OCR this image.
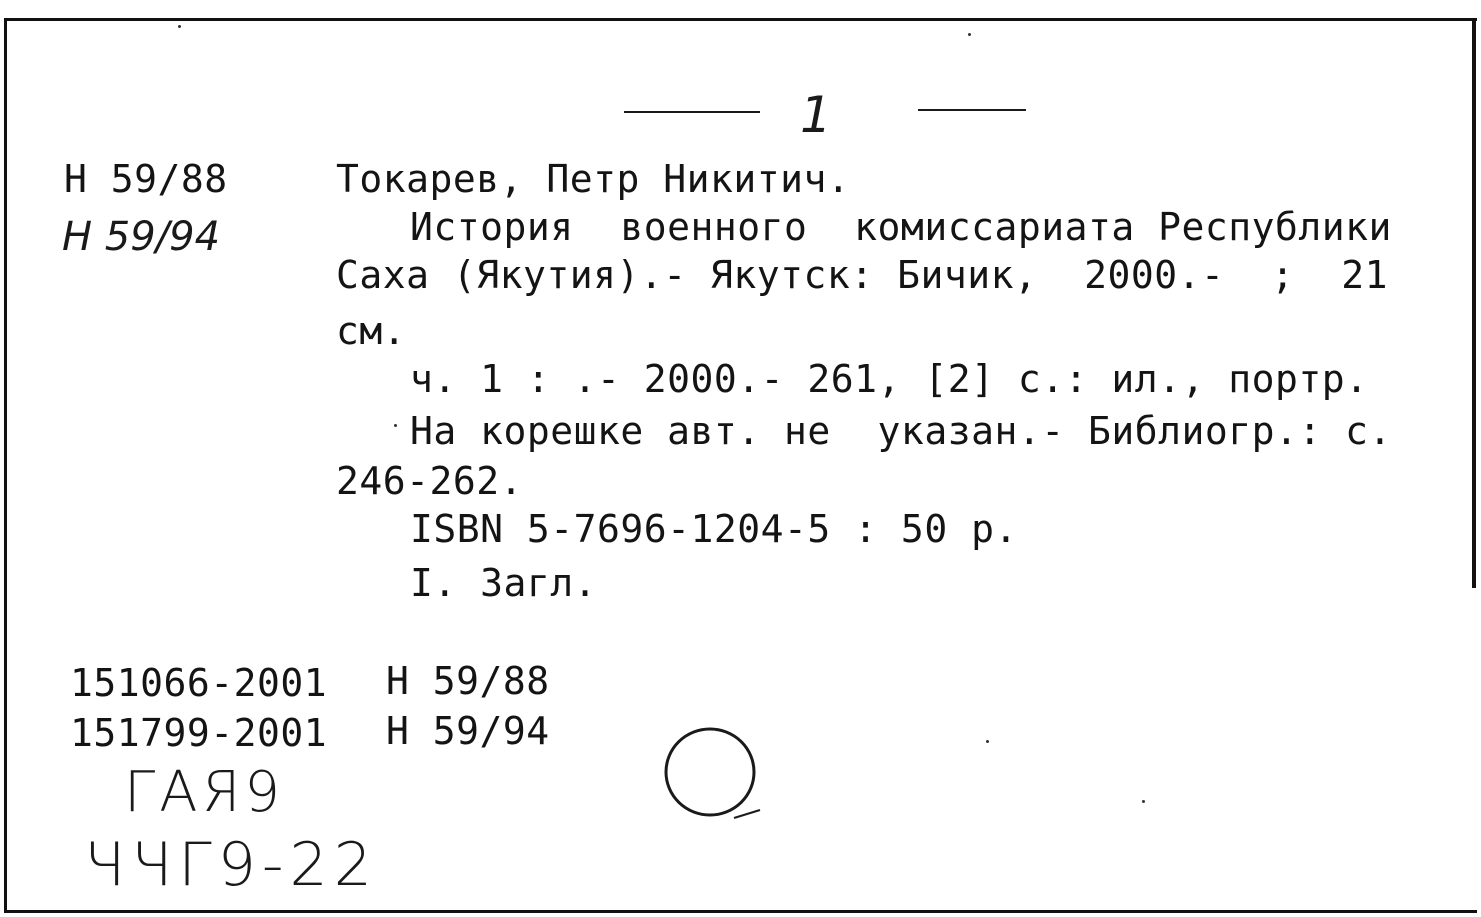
1
Н 59/88
Н 59/94
Токарев, Петр Никитич.
История  военного  комиссариата Республики
Саха (Якутия).- Якутск: Бичик,  2000.-  ;  21
см.
ч. 1 : .- 2000.- 261, [2] с.: ил., портр.
На корешке авт. не  указан.- Библиогр.: с.
246-262.
ISBN 5-7696-1204-5 : 50 р.
I. Загл.
151066-2001 Н 59/88
151799-2001 Н 59/94
ГАЯ9
ЧЧГ9-22
